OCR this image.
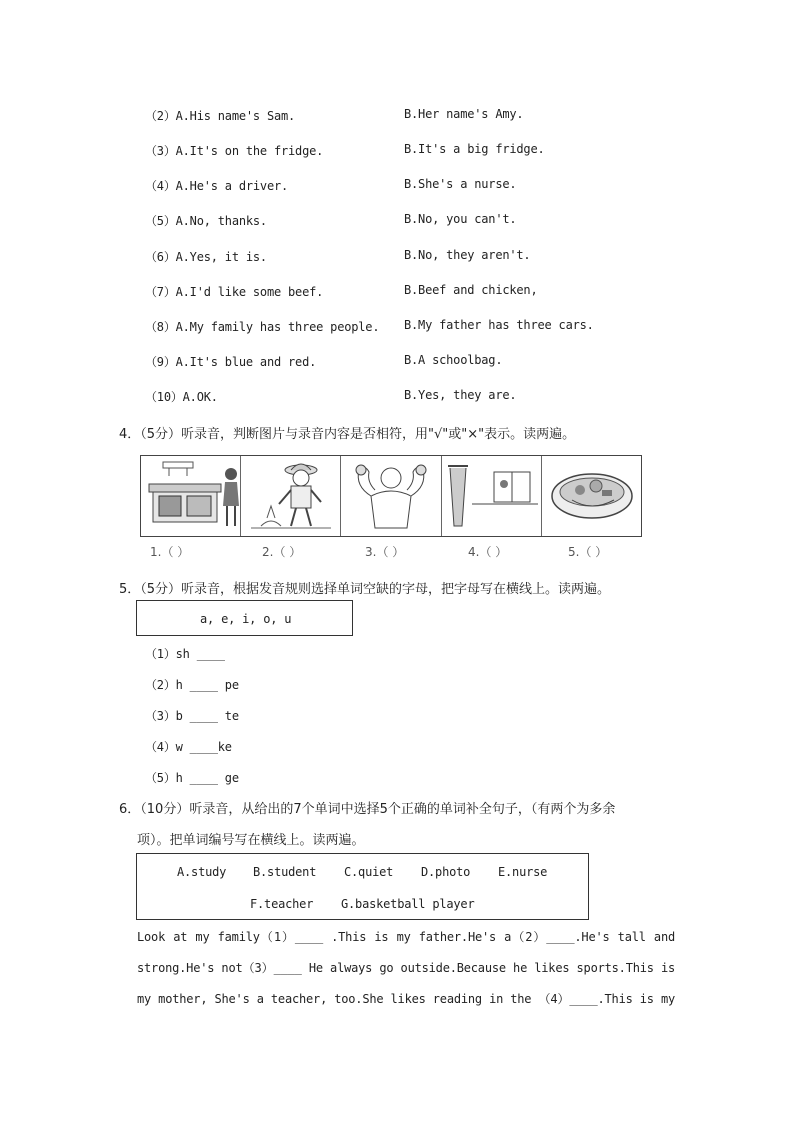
（2）A.His name's Sam.	B.Her name's Amy.
（3）A.It's on the fridge.	B.It's a big fridge.
（4）A.He's a driver.	B.She's a nurse.
（5）A.No, thanks.	B.No, you can't.
（6）A.Yes, it is.	B.No, they aren't.
（7）A.I'd like some beef.	B.Beef and chicken,
（8）A.My family has three people. B.My father has three cars.
（9）A.It's blue and red.	B.A schoolbag.
（10）A.OK.	B.Yes, they are.
4．（5分）听录音，判断图片与录音内容是否相符，用"√"或"×"表示。读两遍。
1.（ ）	2.（ ）	3.（ ）	4.（ ）	5.（ ）
5．（5分）听录音，根据发音规则选择单词空缺的字母，把字母写在横线上。读两遍。
a, e, i, o, u
（1）sh ____
（2）h ____ pe
（3）b ____ te
（4）w ____ke
（5）h ____ ge
6．（10分）听录音，从给出的7个单词中选择5个正确的单词补全句子，（有两个为多余
项）。把单词编号写在横线上。读两遍。
A.study B.student C.quiet D.photo E.nurse
F.teacher G.basketball player
Look at my family（1）____ .This is my father.He's a（2）____.He's tall and
strong.He's not（3）____ He always go outside.Because he likes sports.This is
my mother, She's a teacher, too.She likes reading in the （4）____.This is my
